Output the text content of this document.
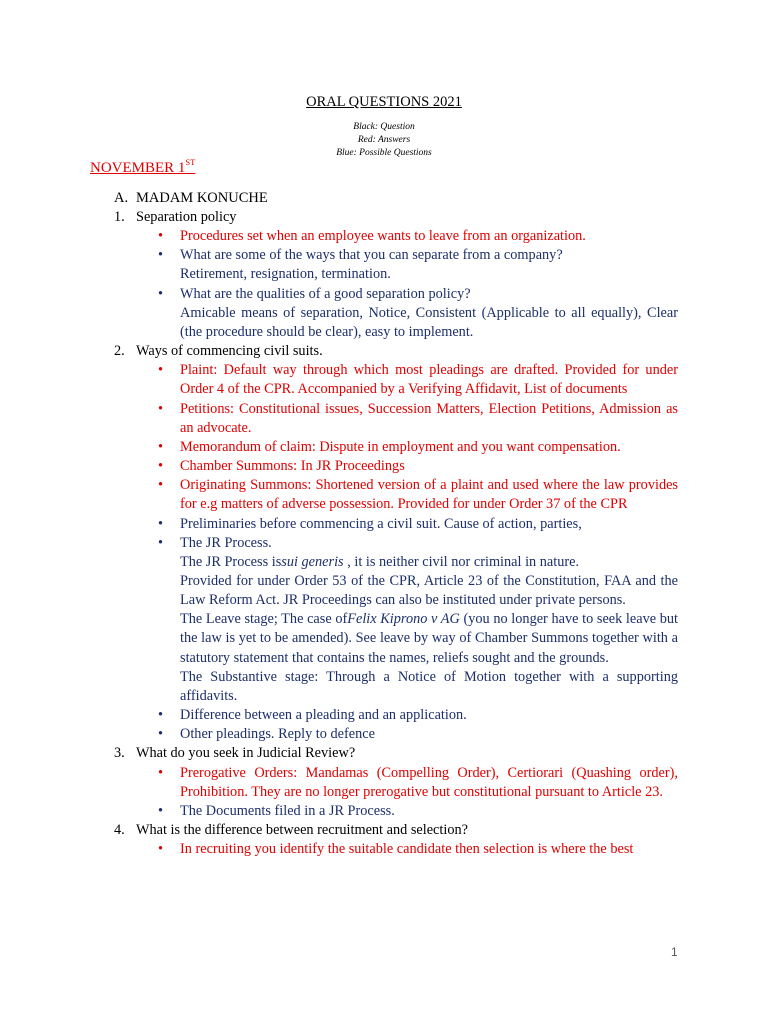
ORAL QUESTIONS 2021
Black: Question
Red: Answers
Blue: Possible Questions
NOVEMBER 1ST
A. MADAM KONUCHE
1. Separation policy
• Procedures set when an employee wants to leave from an organization.
• What are some of the ways that you can separate from a company?
Retirement, resignation, termination.
• What are the qualities of a good separation policy?
Amicable means of separation, Notice, Consistent (Applicable to all equally), Clear (the procedure should be clear), easy to implement.
2. Ways of commencing civil suits.
• Plaint: Default way through which most pleadings are drafted. Provided for under Order 4 of the CPR. Accompanied by a Verifying Affidavit, List of documents
• Petitions: Constitutional issues, Succession Matters, Election Petitions, Admission as an advocate.
• Memorandum of claim: Dispute in employment and you want compensation.
• Chamber Summons: In JR Proceedings
• Originating Summons: Shortened version of a plaint and used where the law provides for e.g matters of adverse possession. Provided for under Order 37 of the CPR
• Preliminaries before commencing a civil suit. Cause of action, parties,
• The JR Process.
The JR Process issui generis , it is neither civil nor criminal in nature.
Provided for under Order 53 of the CPR, Article 23 of the Constitution, FAA and the Law Reform Act. JR Proceedings can also be instituted under private persons.
The Leave stage; The case ofFelix Kiprono v AG (you no longer have to seek leave but the law is yet to be amended). See leave by way of Chamber Summons together with a statutory statement that contains the names, reliefs sought and the grounds.
The Substantive stage: Through a Notice of Motion together with a supporting affidavits.
• Difference between a pleading and an application.
• Other pleadings. Reply to defence
3. What do you seek in Judicial Review?
• Prerogative Orders: Mandamas (Compelling Order), Certiorari (Quashing order), Prohibition. They are no longer prerogative but constitutional pursuant to Article 23.
• The Documents filed in a JR Process.
4. What is the difference between recruitment and selection?
• In recruiting you identify the suitable candidate then selection is where the best
1
